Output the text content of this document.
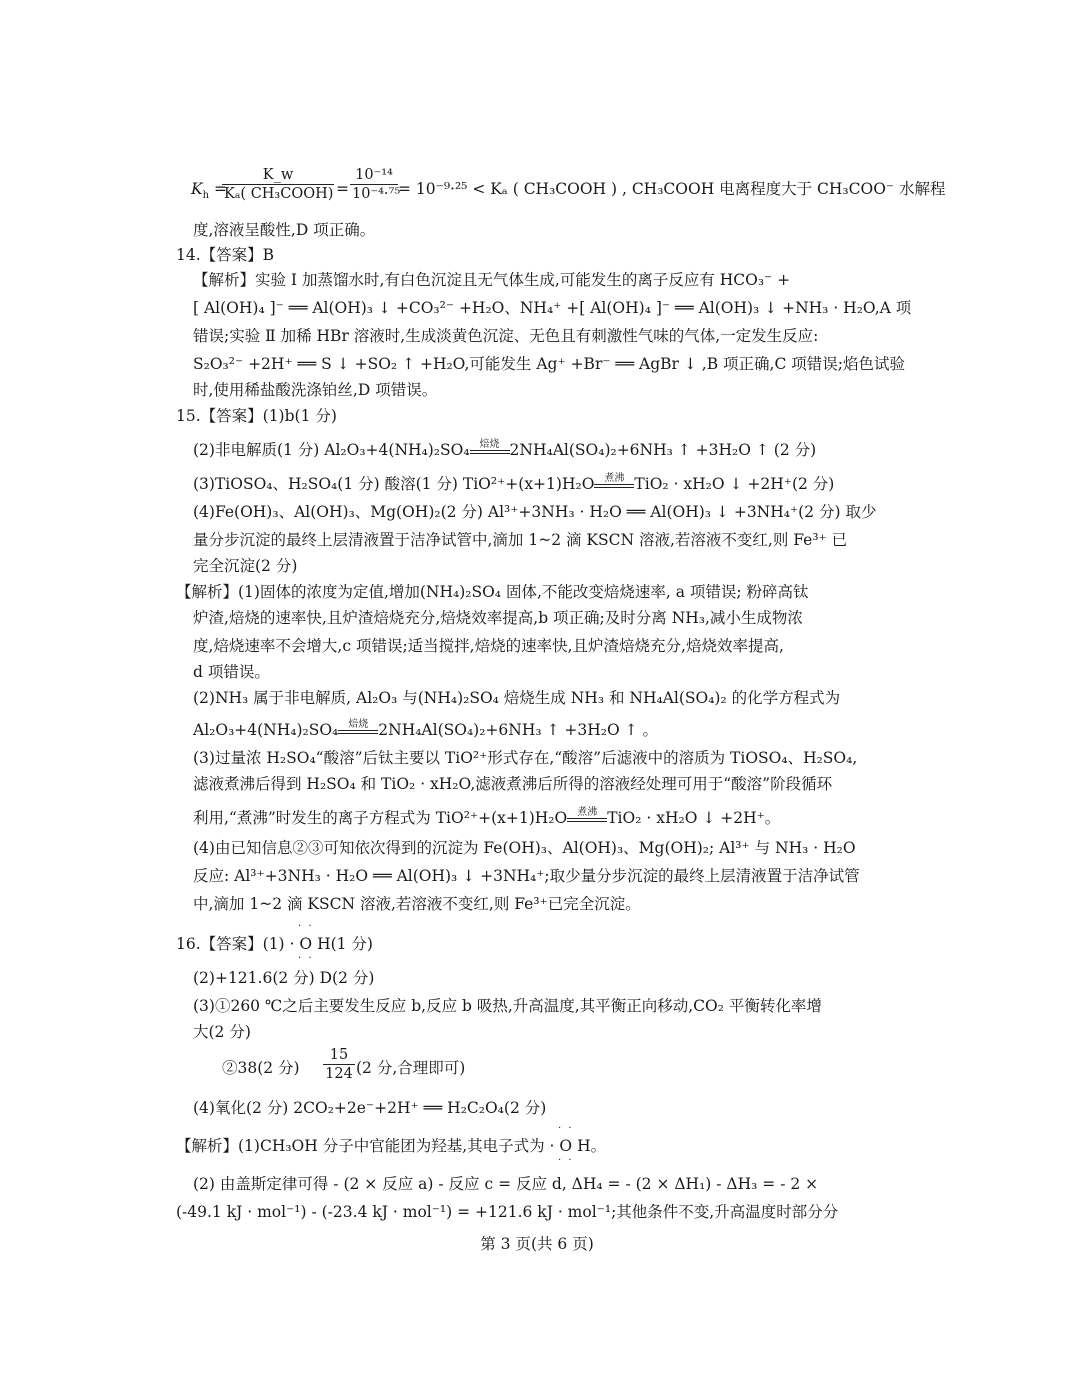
$K_h$ =
K_w
Kₐ( CH₃COOH) = $\frac{\text{10⁻¹⁴}}{\text{10⁻⁴·⁷⁵}} = 10^{-9}\cdot^{25} < K_a$ ( CH₃COOH ) , CH₃COOH 电离程度大于 CH₃COO⁻ 水解程
度,溶液呈酸性,D 项正确。
14.【答案】B
【解析】实验 Ⅰ 加蒸馏水时,有白色沉淀且无气体生成,可能发生的离子反应有 HCO₃⁻ +
[ Al(OH)₄ ]⁻ ══ Al(OH)₃ ↓ +CO₃²⁻ +H₂O、NH₄⁺ +[ Al(OH)₄ ]⁻ ══ Al(OH)₃ ↓ +NH₃ · H₂O,A 项
错误;实验 Ⅱ 加稀 HBr 溶液时,生成淡黄色沉淀、无色且有刺激性气味的气体,一定发生反应:
S₂O₃²⁻ +2H⁺ ══ S ↓ +SO₂ ↑ +H₂O,可能发生 Ag⁺ +Br⁻ ══ AgBr ↓ ,B 项正确,C 项错误;焰色试验
时,使用稀盐酸洗涤铂丝,D 项错误。
15.【答案】(1)b(1 分)
(2)非电解质(1 分) Al₂O₃+4(NH₄)₂SO₄	焙烧 2NH₄Al(SO₄)₂+6NH₃ ↑ +3H₂O ↑ (2 分)
(3)TiOSO₄、H₂SO₄(1 分) 酸溶(1 分) TiO²⁺+(x+1)H₂O	煮沸 TiO₂ · xH₂O ↓ +2H⁺(2 分)
(4)Fe(OH)₃、Al(OH)₃、Mg(OH)₂(2 分) Al³⁺+3NH₃ · H₂O ══ Al(OH)₃ ↓ +3NH₄⁺(2 分) 取少
量分步沉淀的最终上层清液置于洁净试管中,滴加 1~2 滴 KSCN 溶液,若溶液不变红,则 Fe³⁺ 已
完全沉淀(2 分)
【解析】(1)固体的浓度为定值,增加(NH₄)₂SO₄ 固体,不能改变焙烧速率, a 项错误; 粉碎高钛
炉渣,焙烧的速率快,且炉渣焙烧充分,焙烧效率提高,b 项正确;及时分离 NH₃,减小生成物浓
度,焙烧速率不会增大,c 项错误;适当搅拌,焙烧的速率快,且炉渣焙烧充分,焙烧效率提高,
d 项错误。
(2)NH₃ 属于非电解质, Al₂O₃ 与(NH₄)₂SO₄ 焙烧生成 NH₃ 和 NH₄Al(SO₄)₂ 的化学方程式为
Al₂O₃+4(NH₄)₂SO₄	焙烧 2NH₄Al(SO₄)₂+6NH₃ ↑ +3H₂O ↑ 。
(3)过量浓 H₂SO₄“酸溶”后钛主要以 TiO²⁺形式存在,“酸溶”后滤液中的溶质为 TiOSO₄、H₂SO₄,
滤液煮沸后得到 H₂SO₄ 和 TiO₂ · xH₂O,滤液煮沸后所得的溶液经处理可用于“酸溶”阶段循环
利用,“煮沸”时发生的离子方程式为 TiO²⁺+(x+1)H₂O	煮沸 TiO₂ · xH₂O ↓ +2H⁺。
(4)由已知信息②③可知依次得到的沉淀为 Fe(OH)₃、Al(OH)₃、Mg(OH)₂; Al³⁺ 与 NH₃ · H₂O
反应: Al³⁺+3NH₃ · H₂O ══ Al(OH)₃ ↓ +3NH₄⁺;取少量分步沉淀的最终上层清液置于洁净试管
中,滴加 1~2 滴 KSCN 溶液,若溶液不变红,则 Fe³⁺已完全沉淀。
16.【答案】(1) ·
· ·
O
· ·
H(1 分)
(2)+121.6(2 分) D(2 分)
(3)①260 ℃之后主要发生反应 b,反应 b 吸热,升高温度,其平衡正向移动,CO₂ 平衡转化率增
大(2 分)
②38(2 分) $\frac{15}{124} (2$ 分,合理即可)
(4)氧化(2 分) 2CO₂+2e⁻+2H⁺ ══ H₂C₂O₄(2 分)
【解析】(1)CH₃OH 分子中官能团为羟基,其电子式为 ·
· ·
O
· ·
H。
(2) 由盖斯定律可得 - (2 × 反应 a) - 反应 c = 反应 d, ΔH₄ = - (2 × ΔH₁) - ΔH₃ = - 2 ×
(-49.1 kJ · mol⁻¹) - (-23.4 kJ · mol⁻¹) = +121.6 kJ · mol⁻¹;其他条件不变,升高温度时部分分
第 3 页(共 6 页)
